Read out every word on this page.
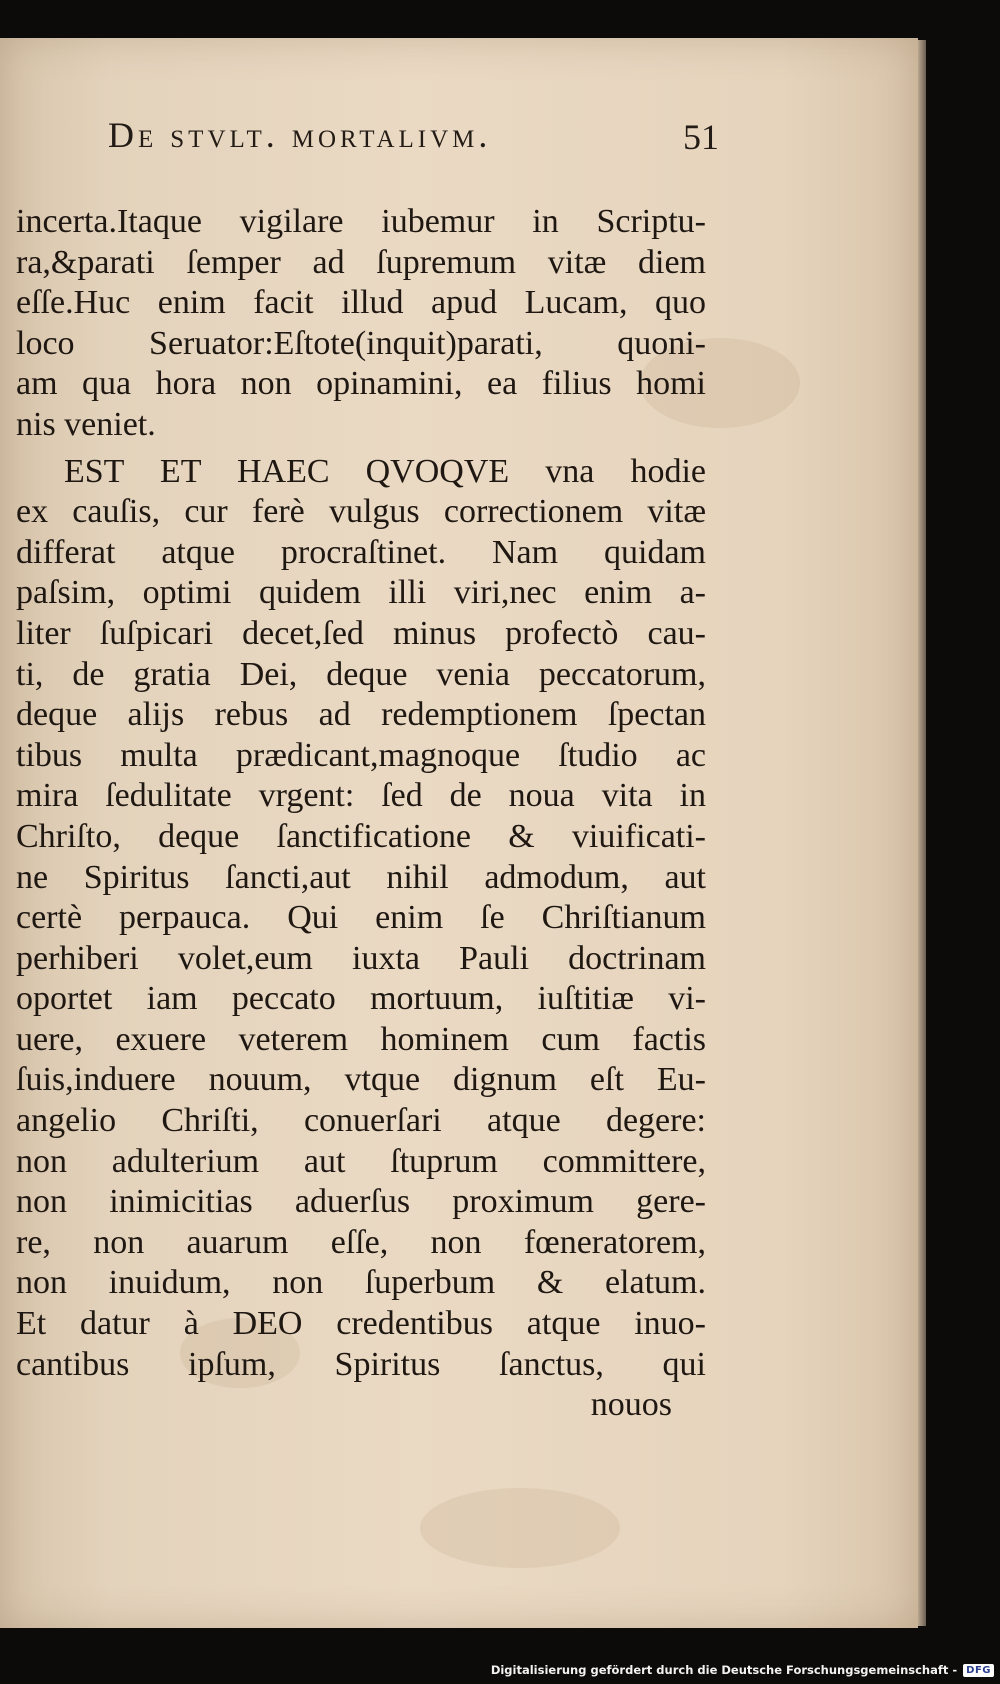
De stvlt. mortalivm.	51
incerta.Itaque vigilare iubemur in Scriptu-
ra,&parati ſemper ad ſupremum vitæ diem
eſſe.Huc enim facit illud apud Lucam, quo
loco Seruator:Eſtote(inquit)parati, quoni-
am qua hora non opinamini, ea filius homi
nis veniet.
EST ET HAEC QVOQVE vna hodie
ex cauſis, cur ferè vulgus correctionem vitæ
differat atque procraſtinet. Nam quidam
paſsim, optimi quidem illi viri,nec enim a-
liter ſuſpicari decet,ſed minus profectò cau-
ti, de gratia Dei, deque venia peccatorum,
deque alijs rebus ad redemptionem ſpectan
tibus multa prædicant,magnoque ſtudio ac
mira ſedulitate vrgent: ſed de noua vita in
Chriſto, deque ſanctificatione & viuificati-
ne Spiritus ſancti,aut nihil admodum, aut
certè perpauca. Qui enim ſe Chriſtianum
perhiberi volet,eum iuxta Pauli doctrinam
oportet iam peccato mortuum, iuſtitiæ vi-
uere, exuere veterem hominem cum factis
ſuis,induere nouum, vtque dignum eſt Eu-
angelio Chriſti, conuerſari atque degere:
non adulterium aut ſtuprum committere,
non inimicitias aduerſus proximum gere-
re, non auarum eſſe, non fœneratorem,
non inuidum, non ſuperbum & elatum.
Et datur à DEO credentibus atque inuo-
cantibus ipſum, Spiritus ſanctus, qui
nouos
Digitalisierung gefördert durch die Deutsche Forschungsgemeinschaft - DFG
